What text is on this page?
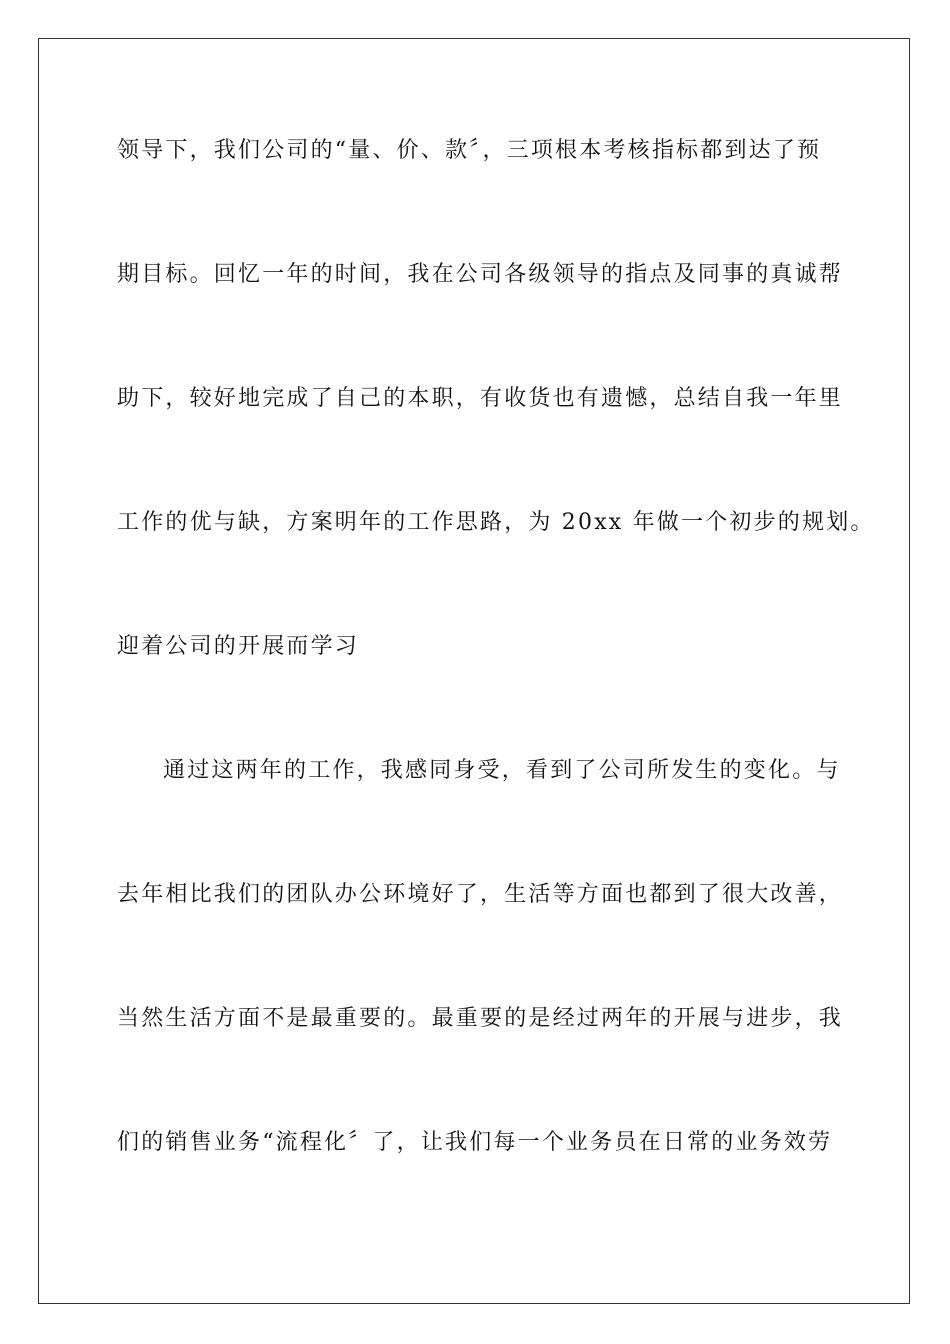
领导下，我们公司的“量、价、款〞，三项根本考核指标都到达了预
期目标。回忆一年的时间，我在公司各级领导的指点及同事的真诚帮
助下，较好地完成了自己的本职，有收货也有遗憾，总结自我一年里
工作的优与缺，方案明年的工作思路，为 20xx 年做一个初步的规划。
迎着公司的开展而学习
通过这两年的工作，我感同身受，看到了公司所发生的变化。与
去年相比我们的团队办公环境好了，生活等方面也都到了很大改善，
当然生活方面不是最重要的。最重要的是经过两年的开展与进步，我
们的销售业务“流程化〞了，让我们每一个业务员在日常的业务效劳
